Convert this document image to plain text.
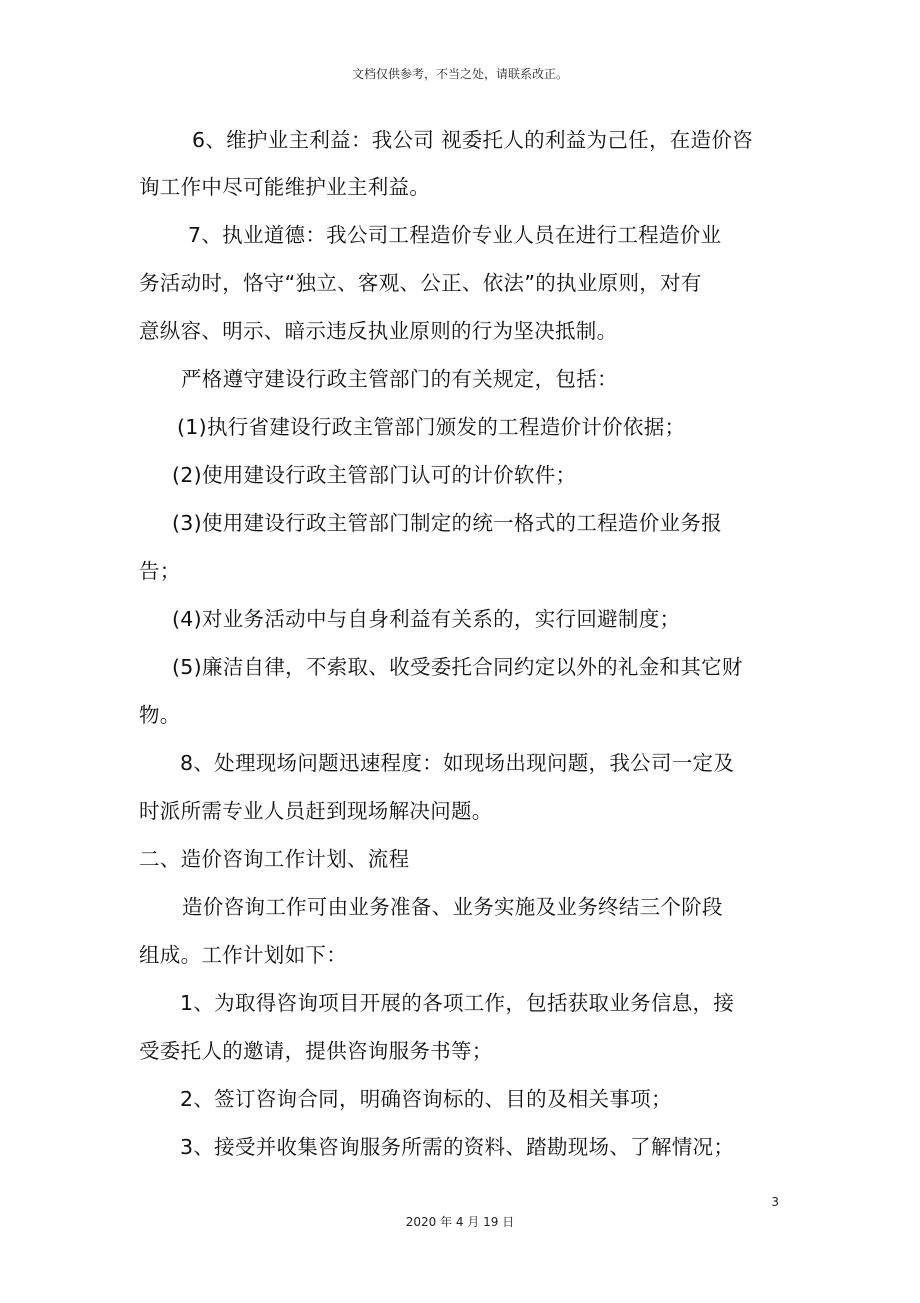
文档仅供参考，不当之处，请联系改正。
6、维护业主利益：我公司 视委托人的利益为己任，在造价咨
询工作中尽可能维护业主利益。
7、执业道德：我公司工程造价专业人员在进行工程造价业
务活动时，恪守“独立、客观、公正、依法”的执业原则，对有
意纵容、明示、暗示违反执业原则的行为坚决抵制。
严格遵守建设行政主管部门的有关规定，包括：
(1)执行省建设行政主管部门颁发的工程造价计价依据；
(2)使用建设行政主管部门认可的计价软件；
(3)使用建设行政主管部门制定的统一格式的工程造价业务报
告；
(4)对业务活动中与自身利益有关系的，实行回避制度；
(5)廉洁自律，不索取、收受委托合同约定以外的礼金和其它财
物。
8、处理现场问题迅速程度：如现场出现问题，我公司一定及
时派所需专业人员赶到现场解决问题。
二、造价咨询工作计划、流程
造价咨询工作可由业务准备、业务实施及业务终结三个阶段
组成。工作计划如下：
1、为取得咨询项目开展的各项工作，包括获取业务信息，接
受委托人的邀请，提供咨询服务书等；
2、签订咨询合同，明确咨询标的、目的及相关事项；
3、接受并收集咨询服务所需的资料、踏勘现场、了解情况；
3
2020 年 4 月 19 日
